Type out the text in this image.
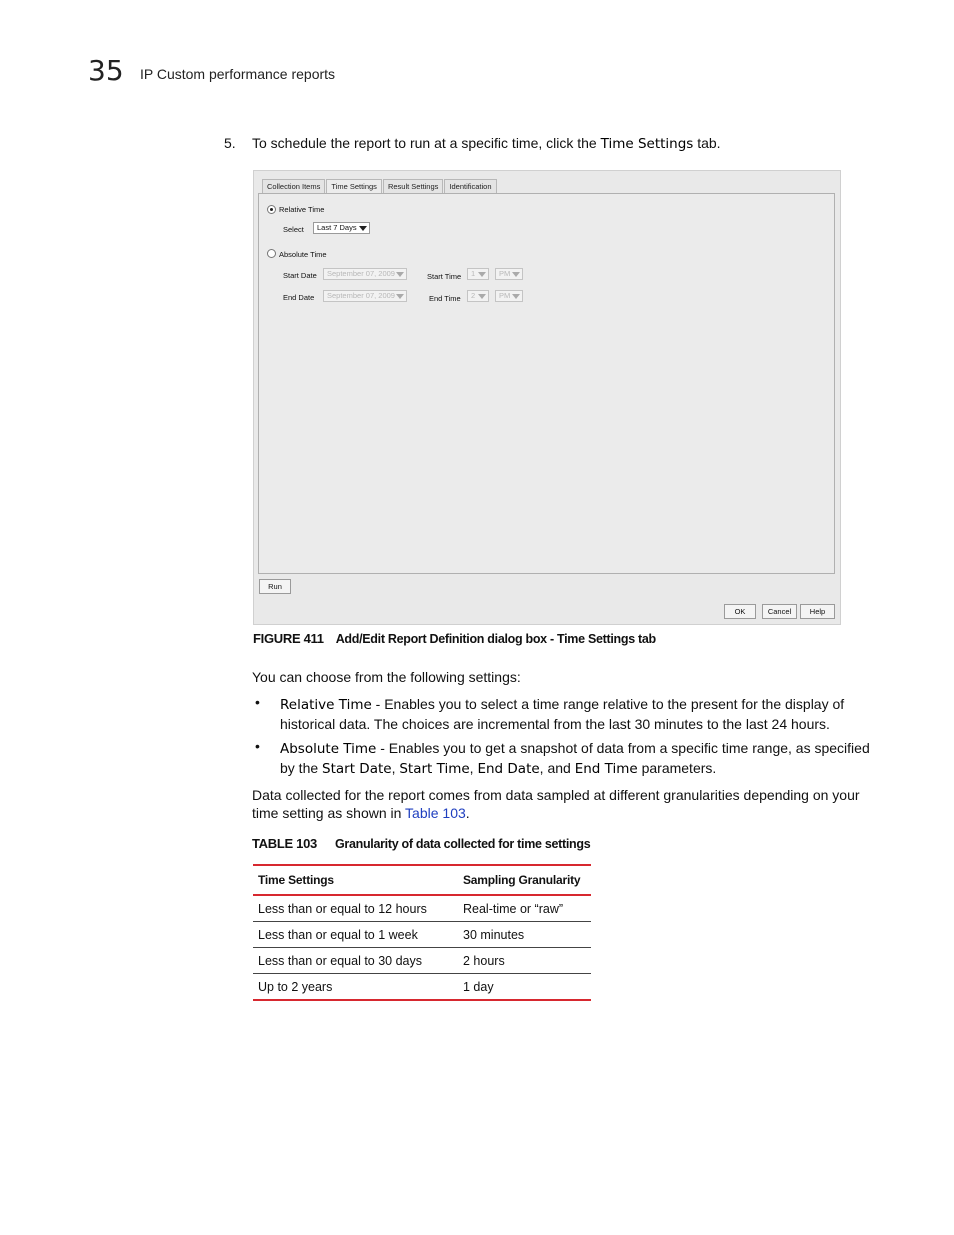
35 IP Custom performance reports
5. To schedule the report to run at a specific time, click the Time Settings tab.
Collection Items	Time Settings	Result Settings	Identification
Relative Time
Select	Last 7 Days
Absolute Time
Start Date	September 07, 2009	Start Time	1	PM
End Date	September 07, 2009	End Time	2	PM
Run
OK	Cancel	Help
FIGURE 411 Add/Edit Report Definition dialog box - Time Settings tab
You can choose from the following settings:
• Relative Time - Enables you to select a time range relative to the present for the display of historical data. The choices are incremental from the last 30 minutes to the last 24 hours.
• Absolute Time - Enables you to get a snapshot of data from a specific time range, as specified by the Start Date, Start Time, End Date, and End Time parameters.
Data collected for the report comes from data sampled at different granularities depending on your time setting as shown in Table 103.
TABLE 103 Granularity of data collected for time settings
Time Settings	Sampling Granularity
Less than or equal to 12 hours	Real-time or “raw”
Less than or equal to 1 week	30 minutes
Less than or equal to 30 days	2 hours
Up to 2 years	1 day
